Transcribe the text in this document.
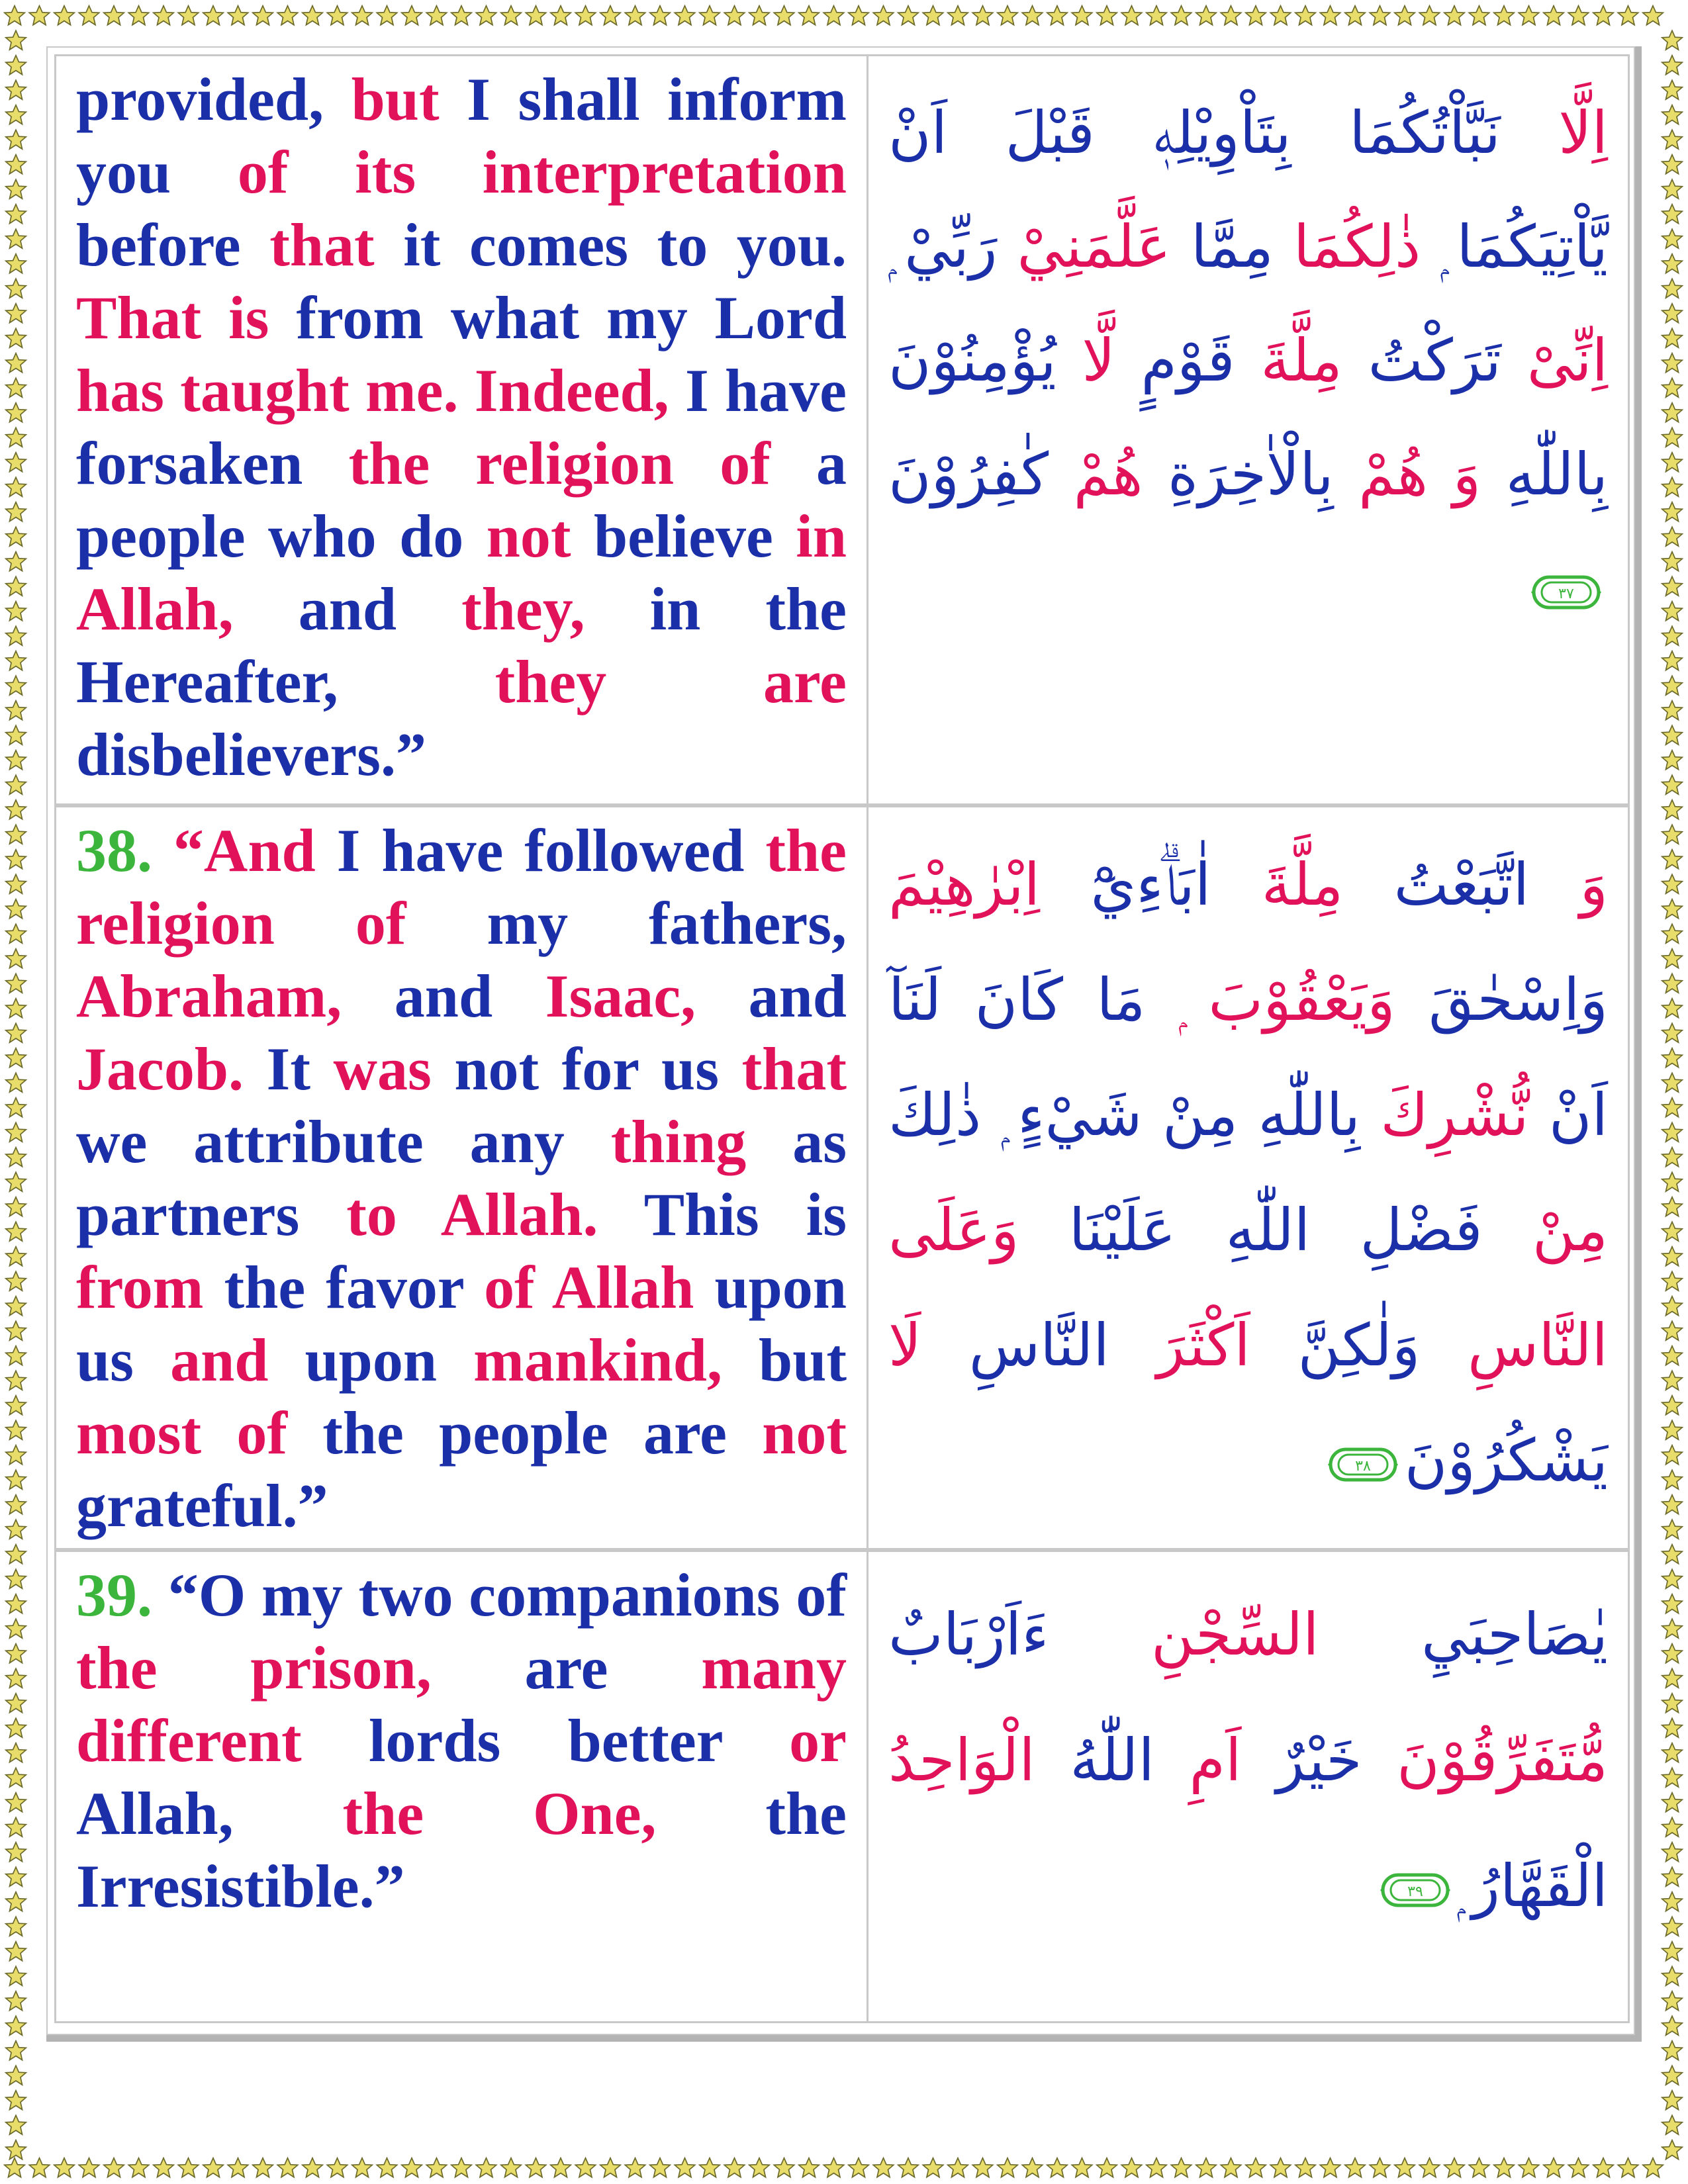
provided, but I shall inform you of its interpretation before that it comes to you. That is from what my Lord has taught me. Indeed, I have forsaken the religion of a people who do not believe in Allah, and they, in the Hereafter, they are disbelievers.”
اِلَّا نَبَّاْتُكُمَا بِتَاْوِيْلِهٖ قَبْلَ اَنْ يَّاْتِيَكُمَا ۭ ذٰلِكُمَا مِمَّا عَلَّمَنِيْ رَبِّيْ ۭ اِنِّىْ تَرَكْتُ مِلَّةَ قَوْمٍ لَّا يُؤْمِنُوْنَ بِاللّٰهِ وَ هُمْ بِالْاٰخِرَةِ هُمْ كٰفِرُوْنَ
٣٧
38. “And I have followed the religion of my fathers, Abraham, and Isaac, and Jacob. It was not for us that we attribute any thing as partners to Allah. This is from the favor of Allah upon us and upon mankind, but most of the people are not grateful.”
وَ اتَّبَعْتُ مِلَّةَ اٰبَاۗءِيْٓ اِبْرٰهِيْمَ وَاِسْحٰقَ وَيَعْقُوْبَ ۭ مَا كَانَ لَنَآ اَنْ نُّشْرِكَ بِاللّٰهِ مِنْ شَيْءٍ ۭ ذٰلِكَ مِنْ فَضْلِ اللّٰهِ عَلَيْنَا وَعَلَى النَّاسِ وَلٰكِنَّ اَكْثَرَ النَّاسِ لَا يَشْكُرُوْنَ
٣٨
39. “O my two companions of the prison, are many different lords better or Allah, the One, the Irresistible.”
يٰصَاحِبَيِ السِّجْنِ ءَاَرْبَابٌ مُّتَفَرِّقُوْنَ خَيْرٌ اَمِ اللّٰهُ الْوَاحِدُ الْقَهَّارُ ۭ
٣٩
